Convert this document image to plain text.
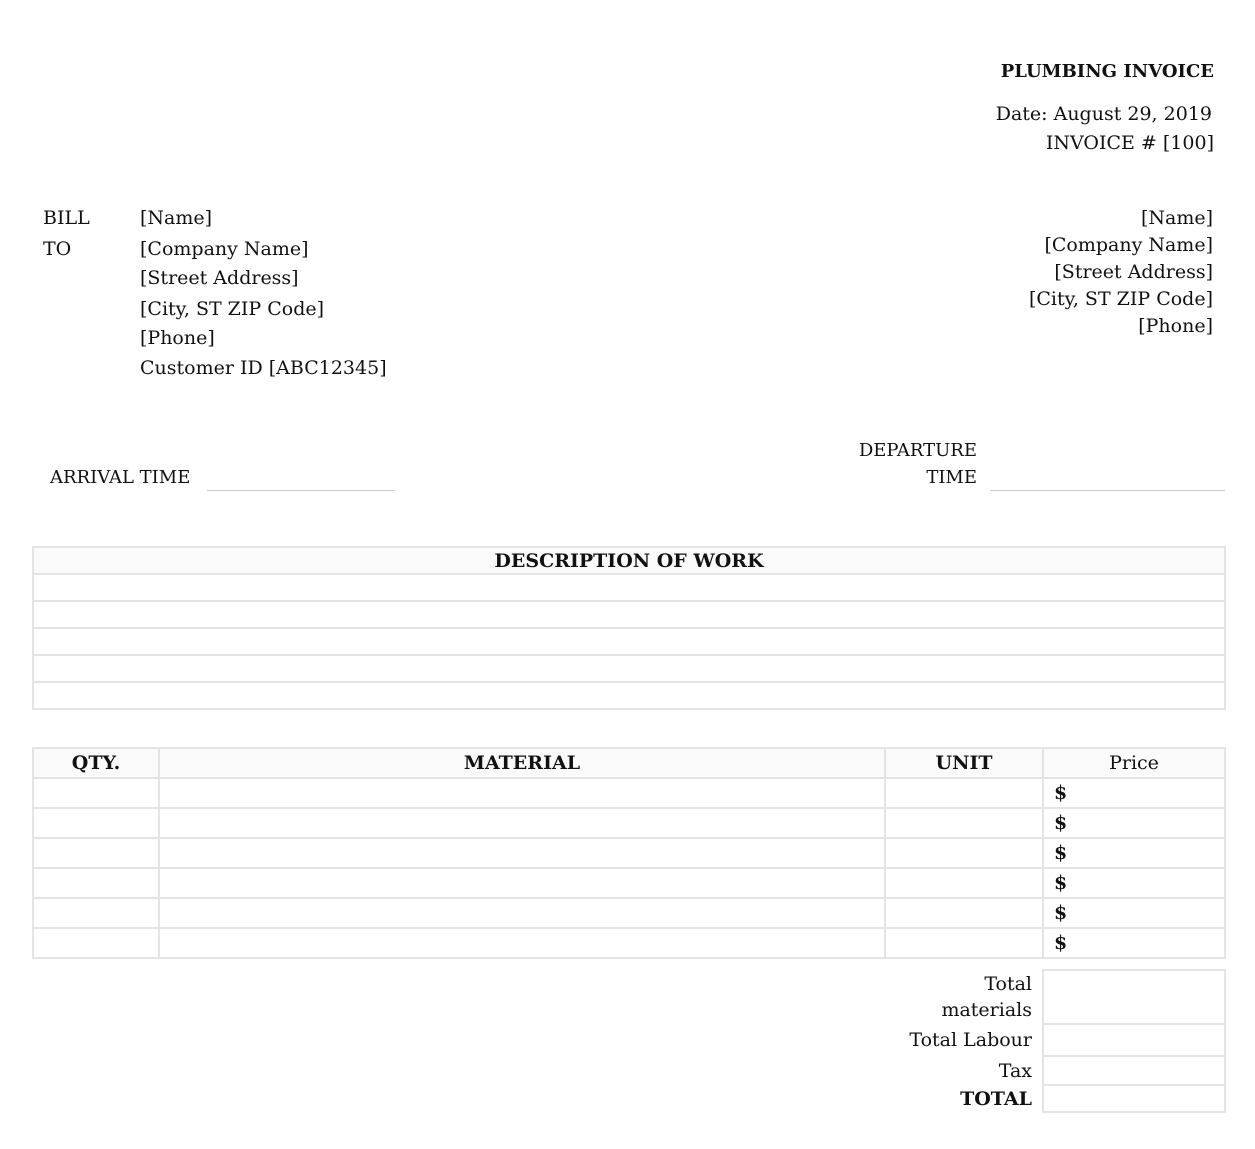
PLUMBING INVOICE
Date: August 29, 2019
INVOICE # [100]
BILL
TO
[Name]
[Company Name]
[Street Address]
[City, ST ZIP Code]
[Phone]
Customer ID [ABC12345]
[Name]
[Company Name]
[Street Address]
[City, ST ZIP Code]
[Phone]
ARRIVAL TIME
DEPARTURE
TIME
DESCRIPTION OF WORK

QTY.	MATERIAL	UNIT	Price
			$
			$
			$
			$
			$
			$
Total
materials	
Total Labour	
Tax	
TOTAL	
